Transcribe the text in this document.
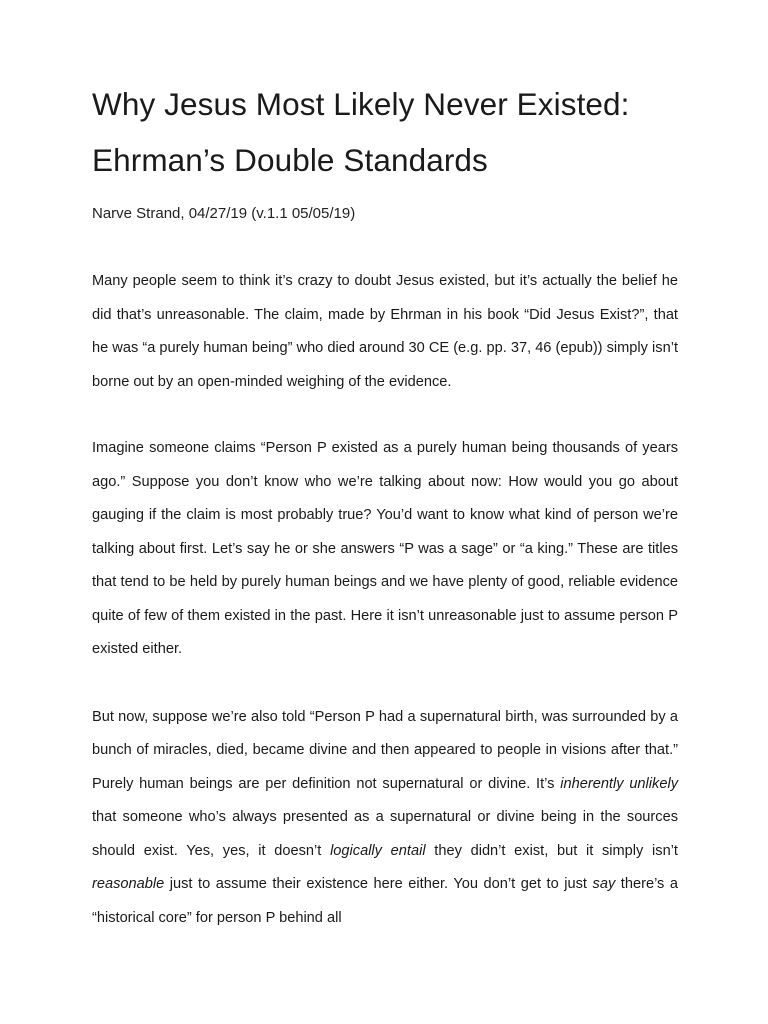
Why Jesus Most Likely Never Existed: Ehrman’s Double Standards

Narve Strand, 04/27/19 (v.1.1 05/05/19)

Many people seem to think it’s crazy to doubt Jesus existed, but it’s actually the belief he did that’s unreasonable. The claim, made by Ehrman in his book “Did Jesus Exist?”, that he was “a purely human being” who died around 30 CE (e.g. pp. 37, 46 (epub)) simply isn’t borne out by an open-minded weighing of the evidence.

Imagine someone claims “Person P existed as a purely human being thousands of years ago.” Suppose you don’t know who we’re talking about now: How would you go about gauging if the claim is most probably true? You’d want to know what kind of person we’re talking about first. Let’s say he or she answers “P was a sage” or “a king.” These are titles that tend to be held by purely human beings and we have plenty of good, reliable evidence quite of few of them existed in the past. Here it isn’t unreasonable just to assume person P existed either.

But now, suppose we’re also told “Person P had a supernatural birth, was surrounded by a bunch of miracles, died, became divine and then appeared to people in visions after that.” Purely human beings are per definition not supernatural or divine. It’s inherently unlikely that someone who’s always presented as a supernatural or divine being in the sources should exist. Yes, yes, it doesn’t logically entail they didn’t exist, but it simply isn’t reasonable just to assume their existence here either. You don’t get to just say there’s a “historical core” for person P behind all
